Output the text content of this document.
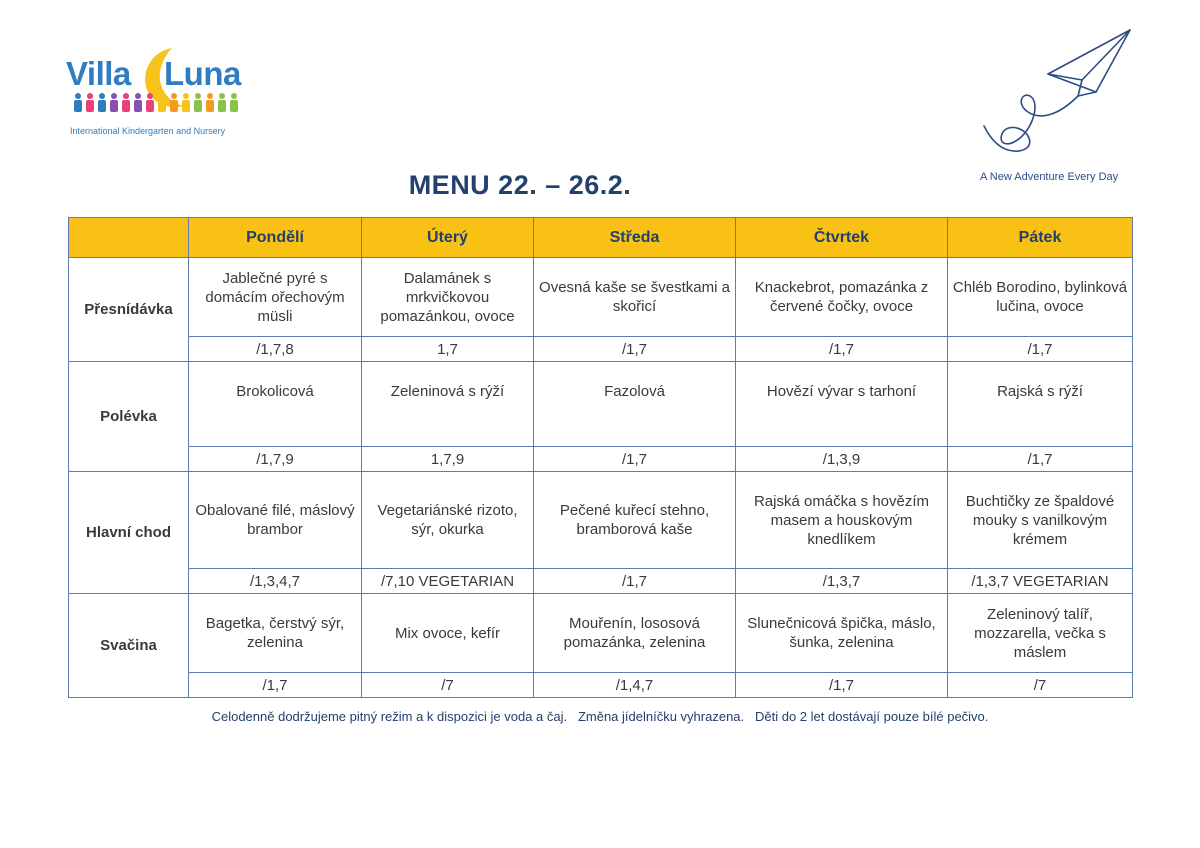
Villa Luna
International Kindergarten and Nursery
A New Adventure Every Day
MENU 22. – 26.2.
	Pondělí	Úterý	Středa	Čtvrtek	Pátek
Přesnídávka	Jablečné pyré s domácím ořechovým müsli	Dalamánek s mrkvičkovou pomazánkou, ovoce	Ovesná kaše se švestkami a skořicí	Knackebrot, pomazánka z červené čočky, ovoce	Chléb Borodino, bylinková lučina, ovoce
	/1,7,8	1,7	/1,7	/1,7	/1,7
Polévka	Brokolicová	Zeleninová s rýží	Fazolová	Hovězí vývar s tarhoní	Rajská s rýží
	/1,7,9	1,7,9	/1,7	/1,3,9	/1,7
Hlavní chod	Obalované filé, máslový brambor	Vegetariánské rizoto, sýr, okurka	Pečené kuřecí stehno, bramborová kaše	Rajská omáčka s hovězím masem a houskovým knedlíkem	Buchtičky ze špaldové mouky s vanilkovým krémem
	/1,3,4,7	/7,10 VEGETARIAN	/1,7	/1,3,7	/1,3,7 VEGETARIAN
Svačina	Bagetka, čerstvý sýr, zelenina	Mix ovoce, kefír	Mouřenín, lososová pomazánka, zelenina	Slunečnicová špička, máslo, šunka, zelenina	Zeleninový talíř, mozzarella, večka s máslem
	/1,7	/7	/1,4,7	/1,7	/7
Celodenně dodržujeme pitný režim a k dispozici je voda a čaj.   Změna jídelníčku vyhrazena.   Děti do 2 let dostávají pouze bílé pečivo.
